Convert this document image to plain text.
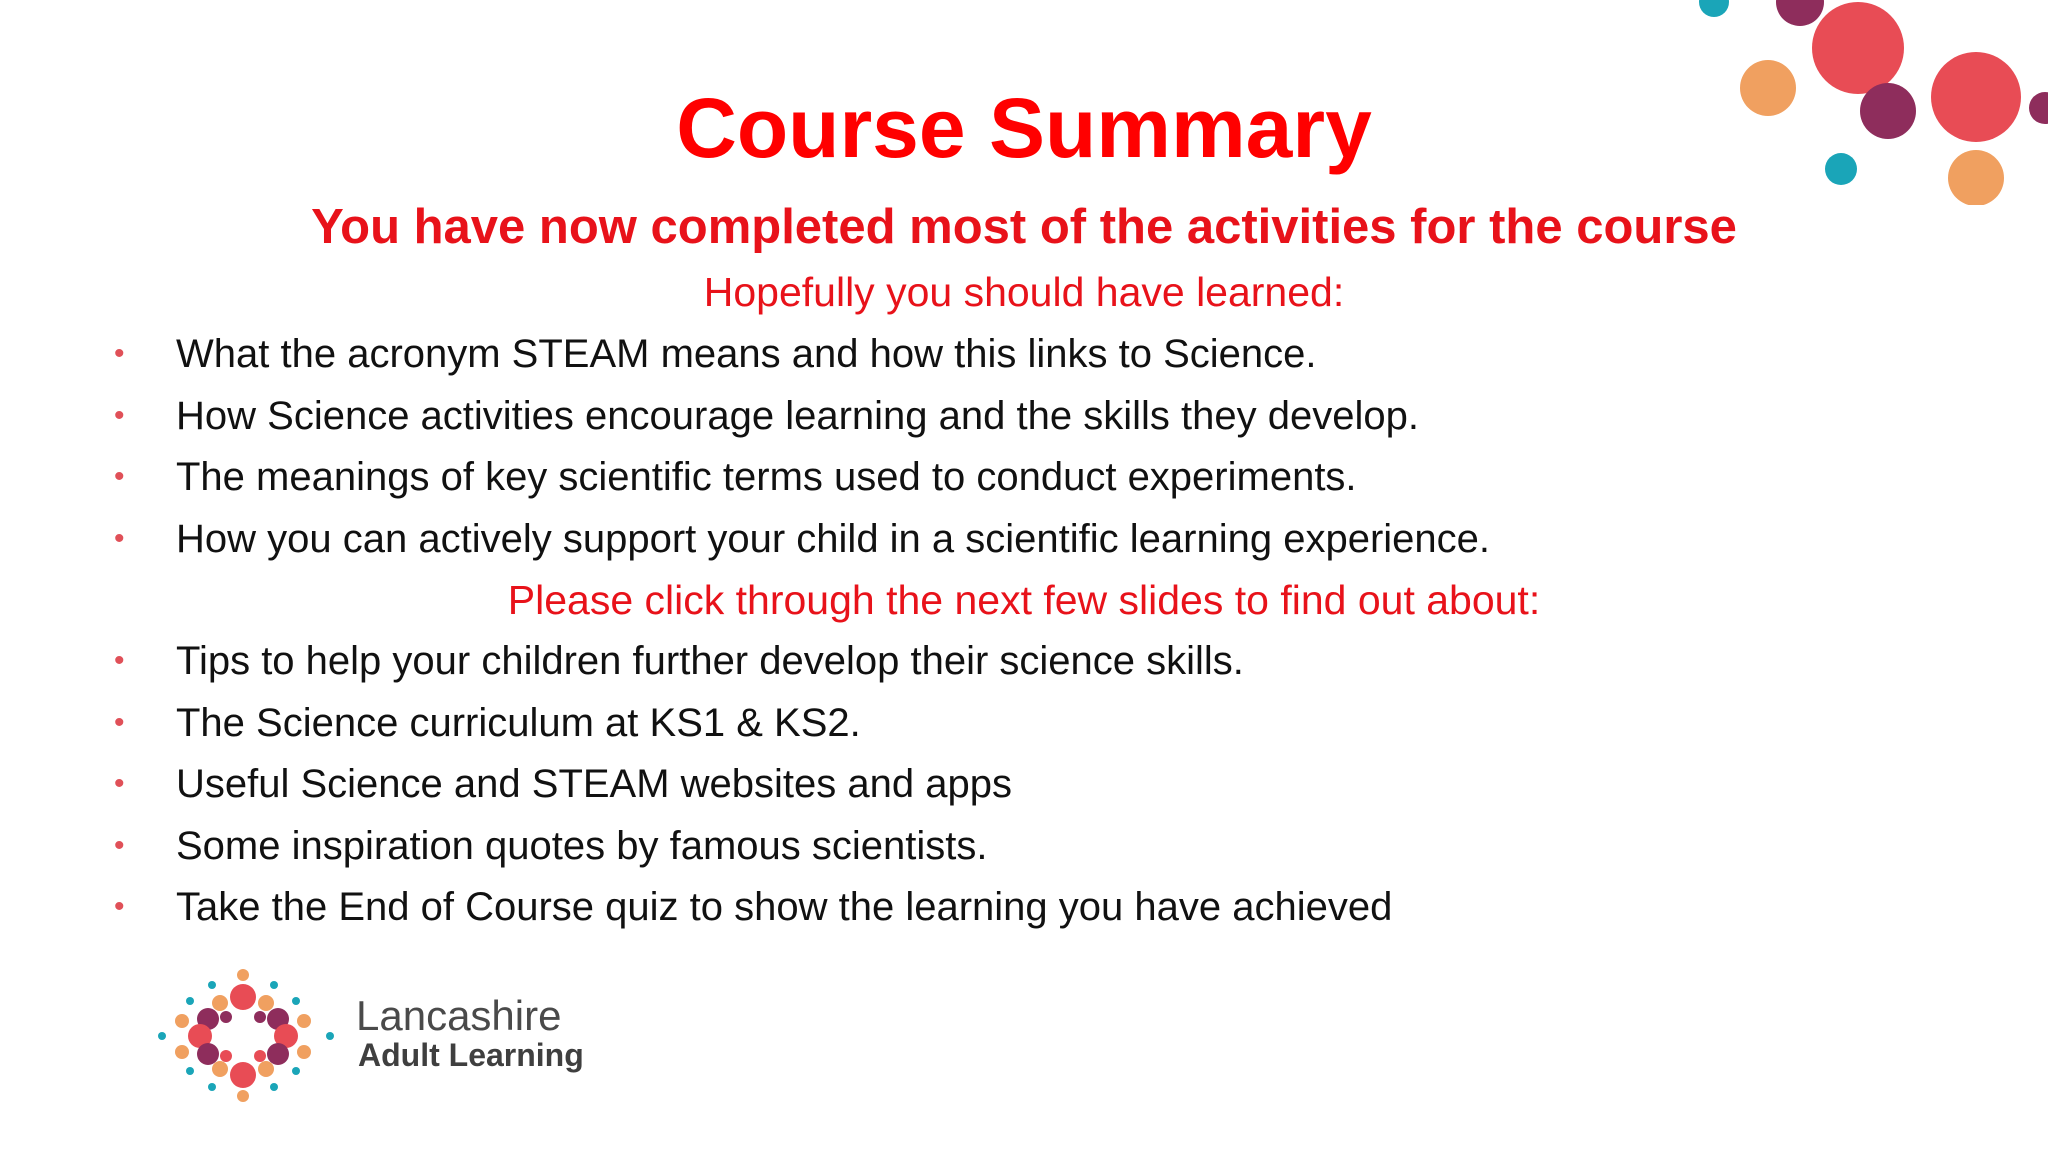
Course Summary
You have now completed most of the activities for the course
Hopefully you should have learned:
•	What the acronym STEAM means and how this links to Science.
•	How Science activities encourage learning and the skills they develop.
•	The meanings of key scientific terms used to conduct experiments.
•	How you can actively support your child in a scientific learning experience.
Please click through the next few slides to find out about:
•	Tips to help your children further develop their science skills.
•	The Science curriculum at KS1 & KS2.
•	Useful Science and STEAM websites and apps
•	Some inspiration quotes by famous scientists.
•	Take the End of Course quiz to show the learning you have achieved
Lancashire
Adult Learning
